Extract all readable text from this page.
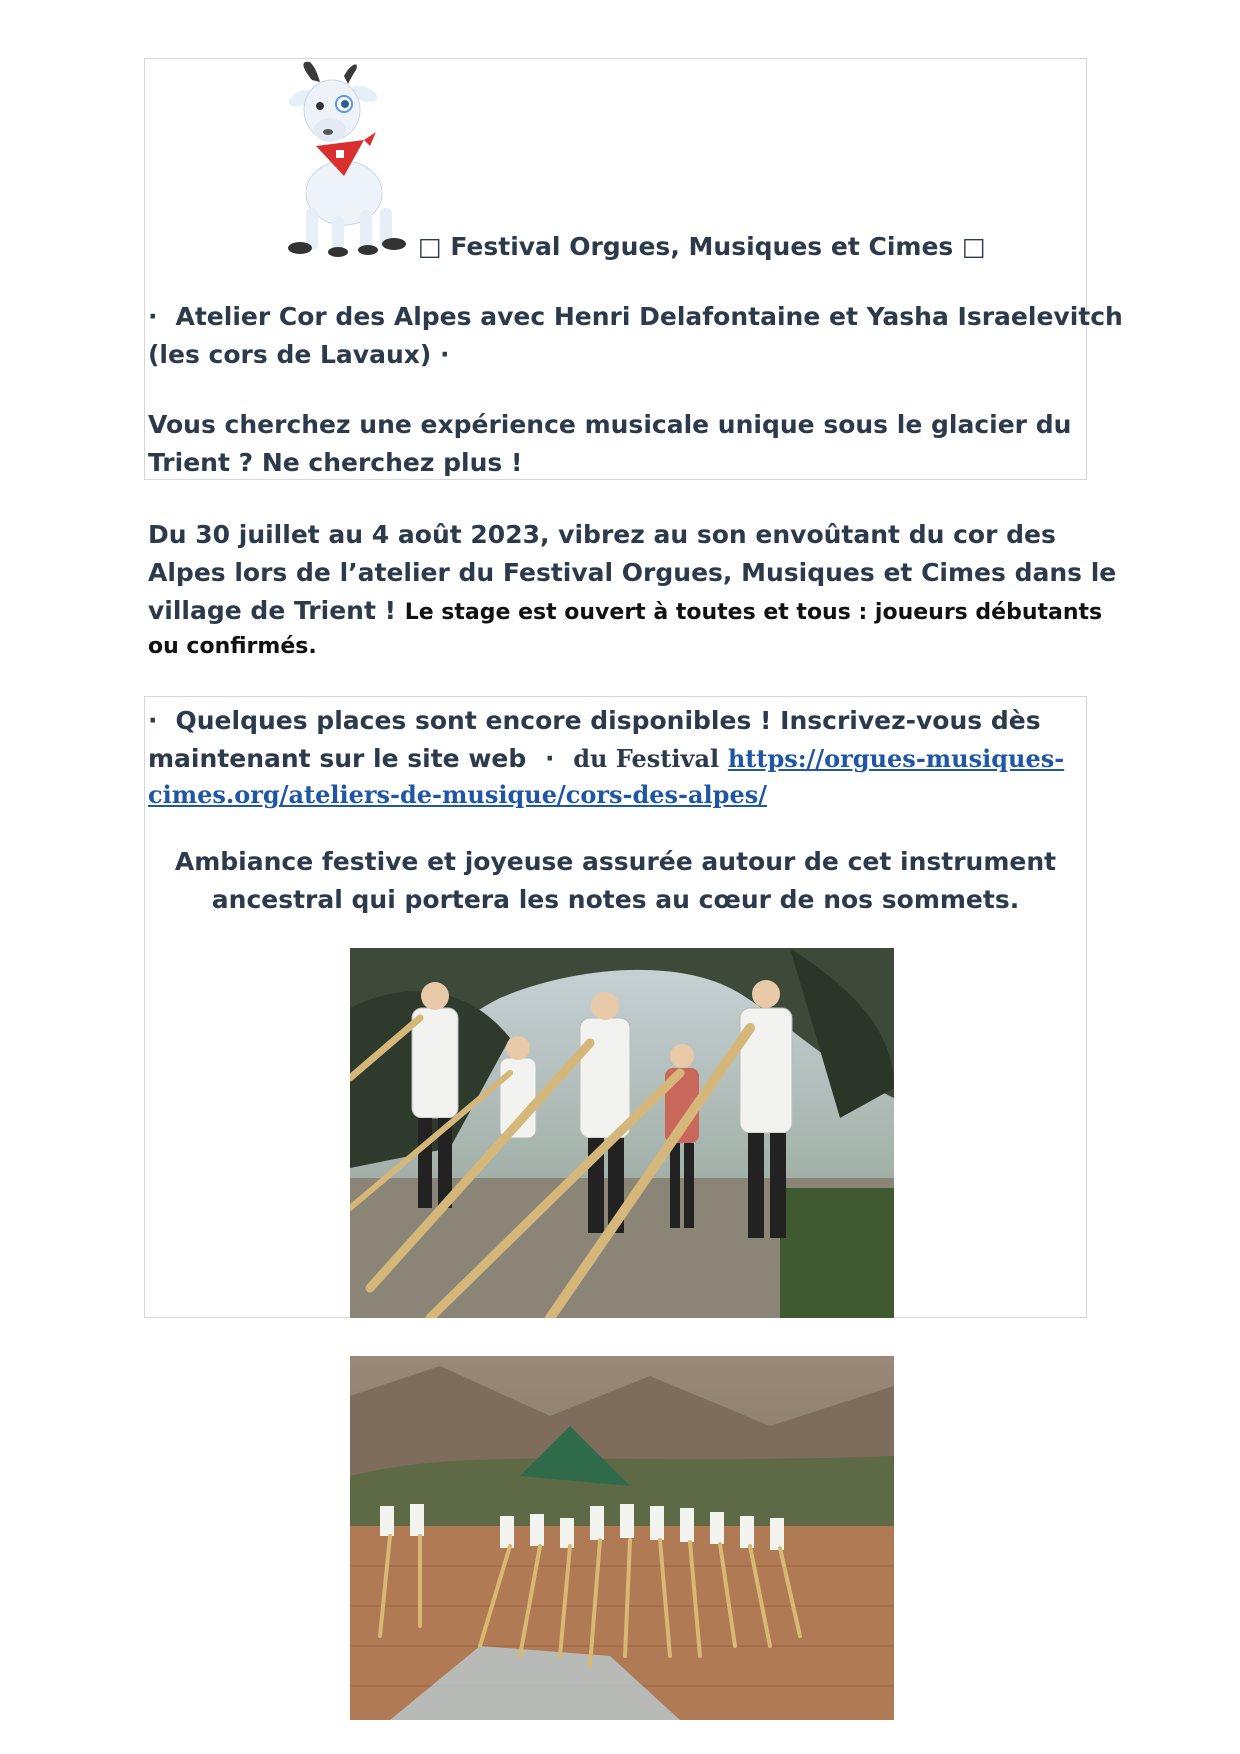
□ Festival Orgues, Musiques et Cimes □
· Atelier Cor des Alpes avec Henri Delafontaine et Yasha Israelevitch
(les cors de Lavaux) ·
Vous cherchez une expérience musicale unique sous le glacier du
Trient ? Ne cherchez plus !
Du 30 juillet au 4 août 2023, vibrez au son envoûtant du cor des
Alpes lors de l’atelier du Festival Orgues, Musiques et Cimes dans le
village de Trient ! Le stage est ouvert à toutes et tous : joueurs débutants
ou confirmés.
· Quelques places sont encore disponibles ! Inscrivez-vous dès
maintenant sur le site web · du Festival https://orgues-musiques-
cimes.org/ateliers-de-musique/cors-des-alpes/
Ambiance festive et joyeuse assurée autour de cet instrument
ancestral qui portera les notes au cœur de nos sommets.
